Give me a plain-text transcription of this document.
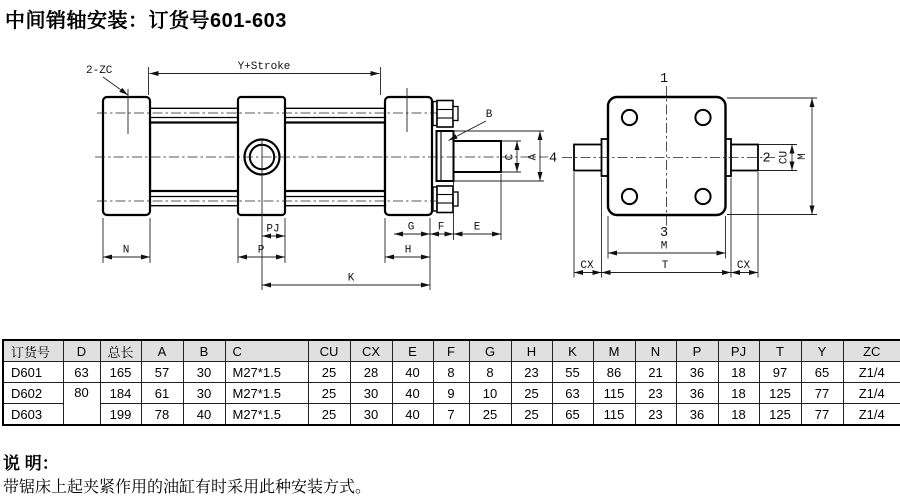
中间销轴安装：订货号601-603
Y+Stroke
2-ZC
B
C A
N
PJ
P
K
G F	E
H
1
4	2
3
CU M
M
T
CX	CX
订货号	D	总长	A	B	C	CU	CX	E	F	G	H	K	M	N	P	PJ	T	Y	ZC
D601	63	165	57	30	M27*1.5	25	28	40	8	8	23	55	86	21	36	18	97	65	Z1/4
D602	80	184	61	30	M27*1.5	25	30	40	9	10	25	63	115	23	36	18	125	77	Z1/4
D603		199	78	40	M27*1.5	25	30	40	7	25	25	65	115	23	36	18	125	77	Z1/4
说 明：
带锯床上起夹紧作用的油缸有时采用此种安装方式。
